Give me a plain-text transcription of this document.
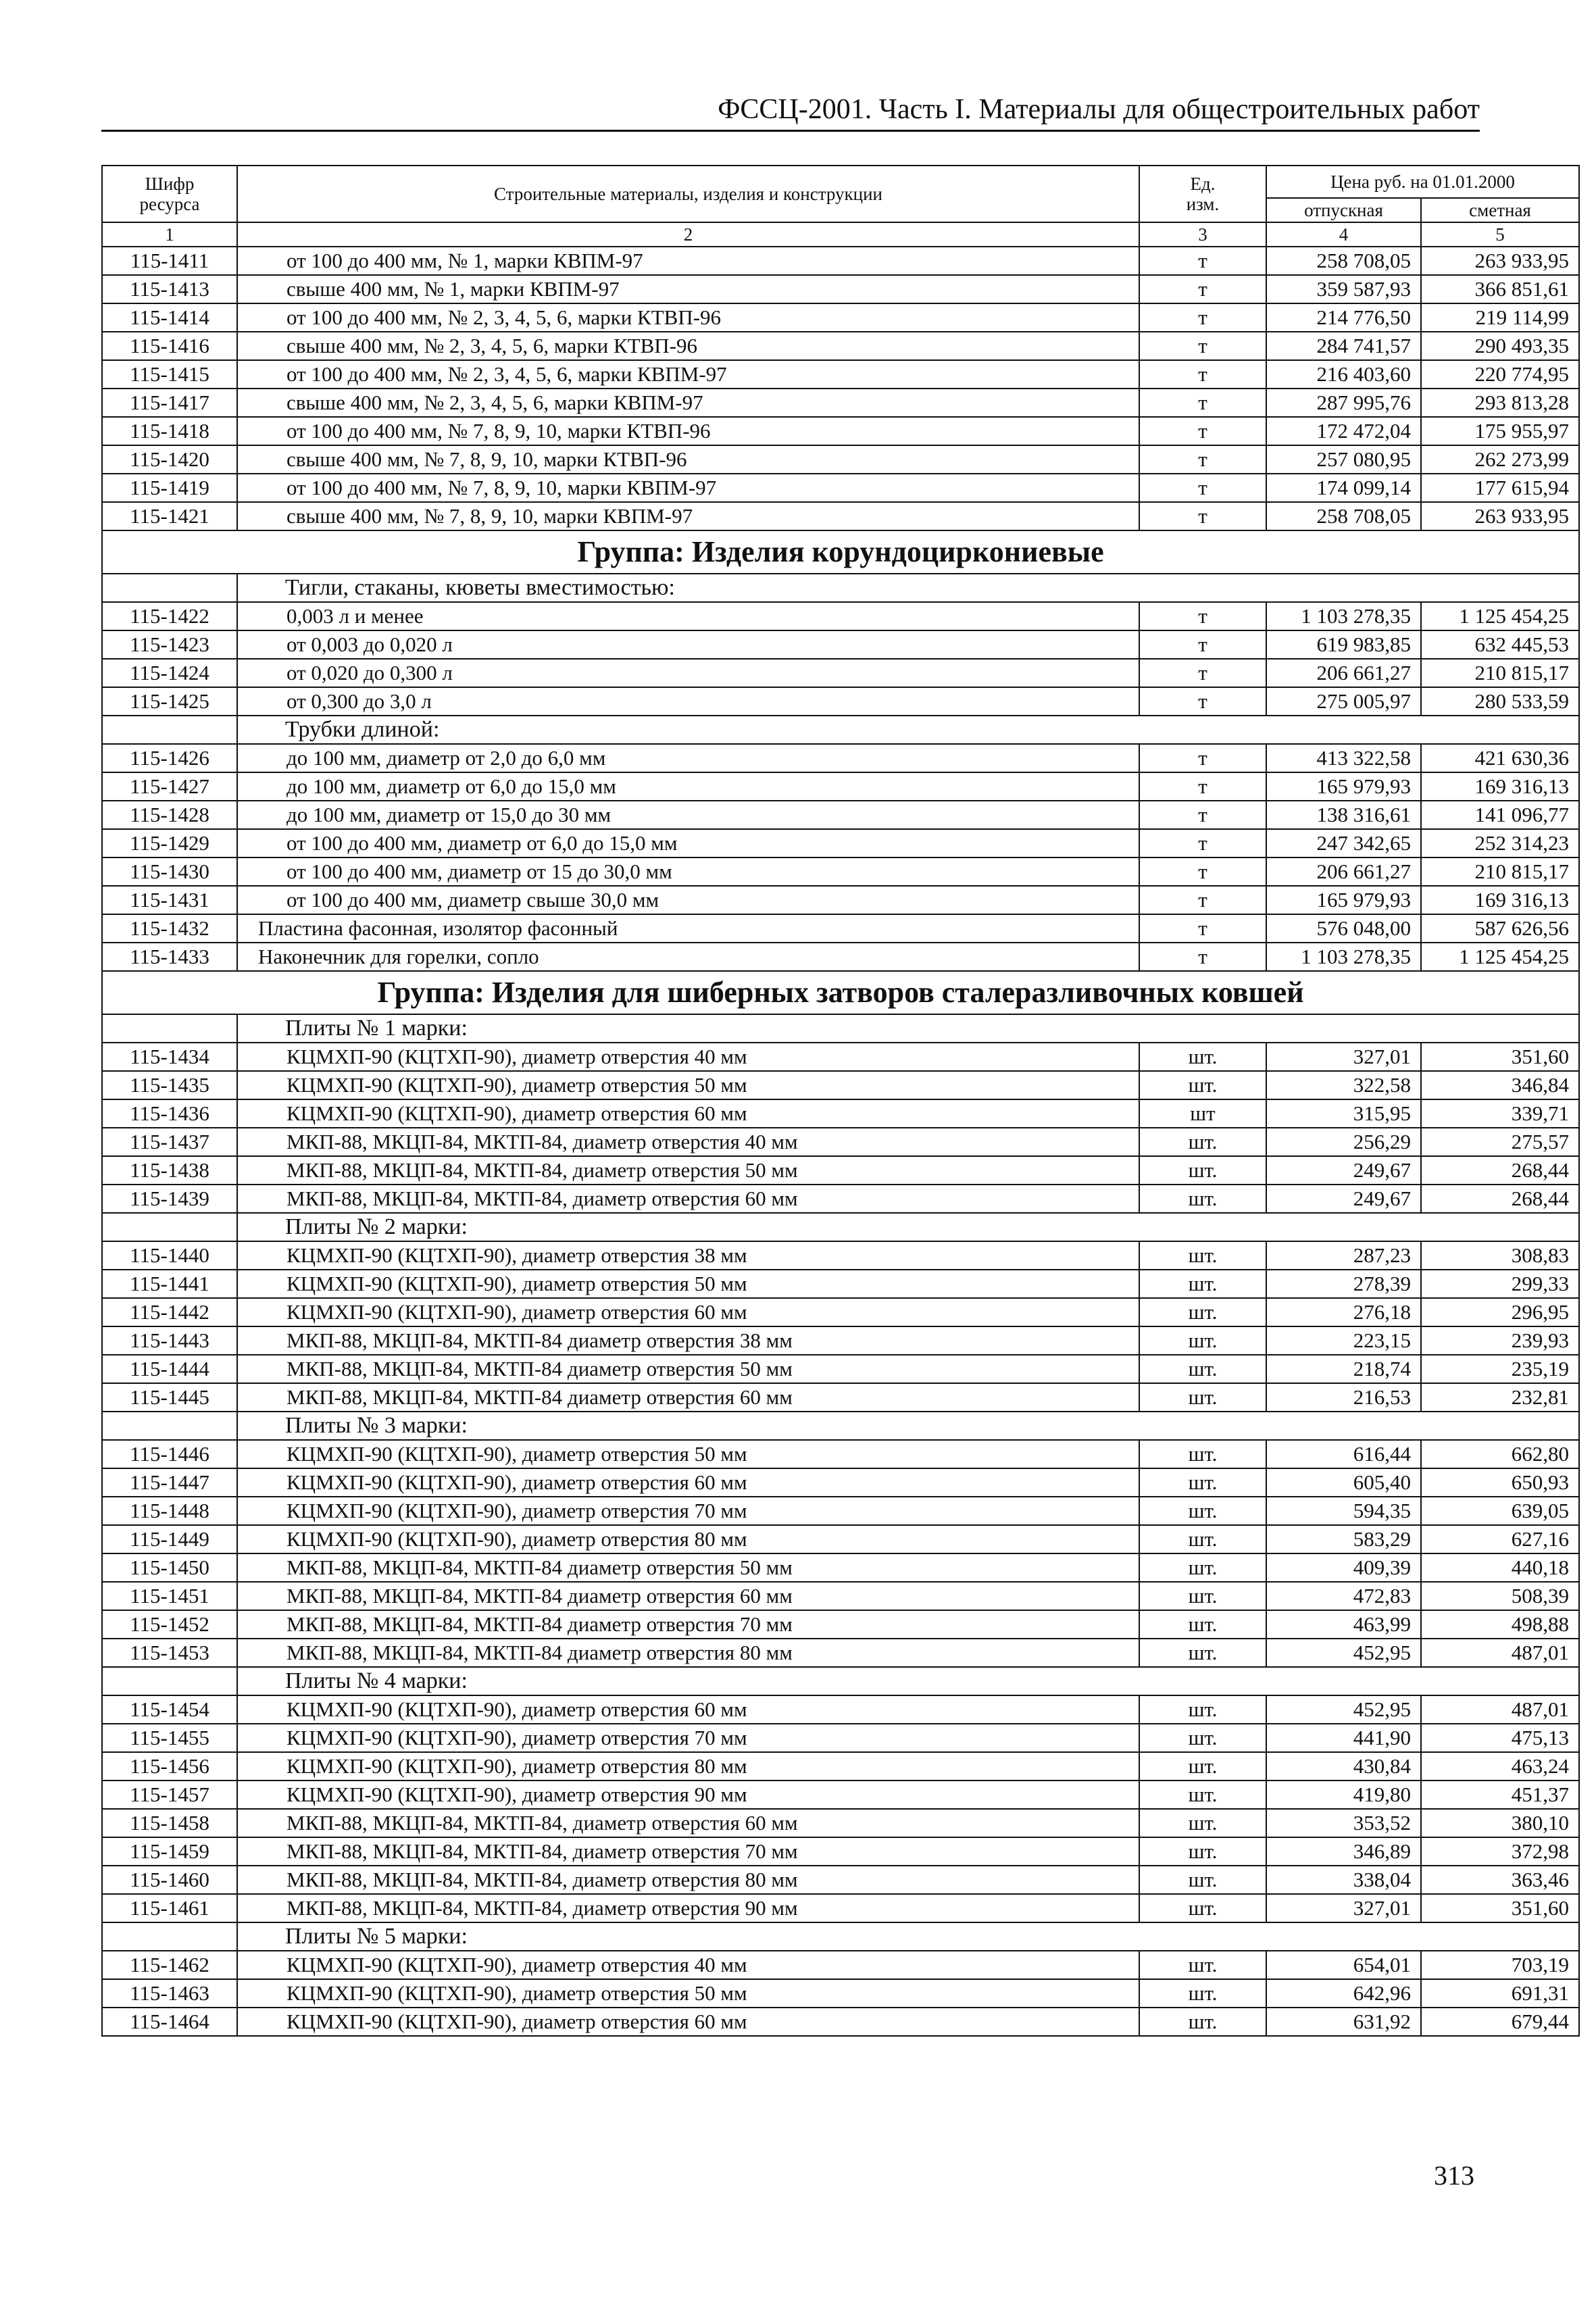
ФССЦ-2001. Часть I. Материалы для общестроительных работ
Шифр
ресурса	Строительные материалы, изделия и конструкции	Ед.
изм.	Цена руб. на 01.01.2000	
			отпускная	сметная
1	2	3	4	5
115-1411	от 100 до 400 мм, № 1, марки КВПМ-97	т	258 708,05	263 933,95
115-1413	свыше 400 мм, № 1, марки КВПМ-97	т	359 587,93	366 851,61
115-1414	от 100 до 400 мм, № 2, 3, 4, 5, 6, марки КТВП-96	т	214 776,50	219 114,99
115-1416	свыше 400 мм, № 2, 3, 4, 5, 6, марки КТВП-96	т	284 741,57	290 493,35
115-1415	от 100 до 400 мм, № 2, 3, 4, 5, 6, марки КВПМ-97	т	216 403,60	220 774,95
115-1417	свыше 400 мм, № 2, 3, 4, 5, 6, марки КВПМ-97	т	287 995,76	293 813,28
115-1418	от 100 до 400 мм, № 7, 8, 9, 10, марки КТВП-96	т	172 472,04	175 955,97
115-1420	свыше 400 мм, № 7, 8, 9, 10, марки КТВП-96	т	257 080,95	262 273,99
115-1419	от 100 до 400 мм, № 7, 8, 9, 10, марки КВПМ-97	т	174 099,14	177 615,94
115-1421	свыше 400 мм, № 7, 8, 9, 10, марки КВПМ-97	т	258 708,05	263 933,95
Группа: Изделия корундоциркониевые				
	Тигли, стаканы, кюветы вместимостью:			
115-1422	0,003 л и менее	т	1 103 278,35	1 125 454,25
115-1423	от 0,003 до 0,020 л	т	619 983,85	632 445,53
115-1424	от 0,020 до 0,300 л	т	206 661,27	210 815,17
115-1425	от 0,300 до 3,0 л	т	275 005,97	280 533,59
	Трубки длиной:			
115-1426	до 100 мм, диаметр от 2,0 до 6,0 мм	т	413 322,58	421 630,36
115-1427	до 100 мм, диаметр от 6,0 до 15,0 мм	т	165 979,93	169 316,13
115-1428	до 100 мм, диаметр от 15,0 до 30 мм	т	138 316,61	141 096,77
115-1429	от 100 до 400 мм, диаметр от 6,0 до 15,0 мм	т	247 342,65	252 314,23
115-1430	от 100 до 400 мм, диаметр от 15 до 30,0 мм	т	206 661,27	210 815,17
115-1431	от 100 до 400 мм, диаметр свыше 30,0 мм	т	165 979,93	169 316,13
115-1432	Пластина фасонная, изолятор фасонный	т	576 048,00	587 626,56
115-1433	Наконечник для горелки, сопло	т	1 103 278,35	1 125 454,25
Группа: Изделия для шиберных затворов сталеразливочных ковшей				
	Плиты № 1 марки:			
115-1434	КЦМХП-90 (КЦТХП-90), диаметр отверстия 40 мм	шт.	327,01	351,60
115-1435	КЦМХП-90 (КЦТХП-90), диаметр отверстия 50 мм	шт.	322,58	346,84
115-1436	КЦМХП-90 (КЦТХП-90), диаметр отверстия 60 мм	шт	315,95	339,71
115-1437	МКП-88, МКЦП-84, МКТП-84, диаметр отверстия 40 мм	шт.	256,29	275,57
115-1438	МКП-88, МКЦП-84, МКТП-84, диаметр отверстия 50 мм	шт.	249,67	268,44
115-1439	МКП-88, МКЦП-84, МКТП-84, диаметр отверстия 60 мм	шт.	249,67	268,44
	Плиты № 2 марки:			
115-1440	КЦМХП-90 (КЦТХП-90), диаметр отверстия 38 мм	шт.	287,23	308,83
115-1441	КЦМХП-90 (КЦТХП-90), диаметр отверстия 50 мм	шт.	278,39	299,33
115-1442	КЦМХП-90 (КЦТХП-90), диаметр отверстия 60 мм	шт.	276,18	296,95
115-1443	МКП-88, МКЦП-84, МКТП-84 диаметр отверстия 38 мм	шт.	223,15	239,93
115-1444	МКП-88, МКЦП-84, МКТП-84 диаметр отверстия 50 мм	шт.	218,74	235,19
115-1445	МКП-88, МКЦП-84, МКТП-84 диаметр отверстия 60 мм	шт.	216,53	232,81
	Плиты № 3 марки:			
115-1446	КЦМХП-90 (КЦТХП-90), диаметр отверстия 50 мм	шт.	616,44	662,80
115-1447	КЦМХП-90 (КЦТХП-90), диаметр отверстия 60 мм	шт.	605,40	650,93
115-1448	КЦМХП-90 (КЦТХП-90), диаметр отверстия 70 мм	шт.	594,35	639,05
115-1449	КЦМХП-90 (КЦТХП-90), диаметр отверстия 80 мм	шт.	583,29	627,16
115-1450	МКП-88, МКЦП-84, МКТП-84 диаметр отверстия 50 мм	шт.	409,39	440,18
115-1451	МКП-88, МКЦП-84, МКТП-84 диаметр отверстия 60 мм	шт.	472,83	508,39
115-1452	МКП-88, МКЦП-84, МКТП-84 диаметр отверстия 70 мм	шт.	463,99	498,88
115-1453	МКП-88, МКЦП-84, МКТП-84 диаметр отверстия 80 мм	шт.	452,95	487,01
	Плиты № 4 марки:			
115-1454	КЦМХП-90 (КЦТХП-90), диаметр отверстия 60 мм	шт.	452,95	487,01
115-1455	КЦМХП-90 (КЦТХП-90), диаметр отверстия 70 мм	шт.	441,90	475,13
115-1456	КЦМХП-90 (КЦТХП-90), диаметр отверстия 80 мм	шт.	430,84	463,24
115-1457	КЦМХП-90 (КЦТХП-90), диаметр отверстия 90 мм	шт.	419,80	451,37
115-1458	МКП-88, МКЦП-84, МКТП-84, диаметр отверстия 60 мм	шт.	353,52	380,10
115-1459	МКП-88, МКЦП-84, МКТП-84, диаметр отверстия 70 мм	шт.	346,89	372,98
115-1460	МКП-88, МКЦП-84, МКТП-84, диаметр отверстия 80 мм	шт.	338,04	363,46
115-1461	МКП-88, МКЦП-84, МКТП-84, диаметр отверстия 90 мм	шт.	327,01	351,60
	Плиты № 5 марки:			
115-1462	КЦМХП-90 (КЦТХП-90), диаметр отверстия 40 мм	шт.	654,01	703,19
115-1463	КЦМХП-90 (КЦТХП-90), диаметр отверстия 50 мм	шт.	642,96	691,31
115-1464	КЦМХП-90 (КЦТХП-90), диаметр отверстия 60 мм	шт.	631,92	679,44
313
